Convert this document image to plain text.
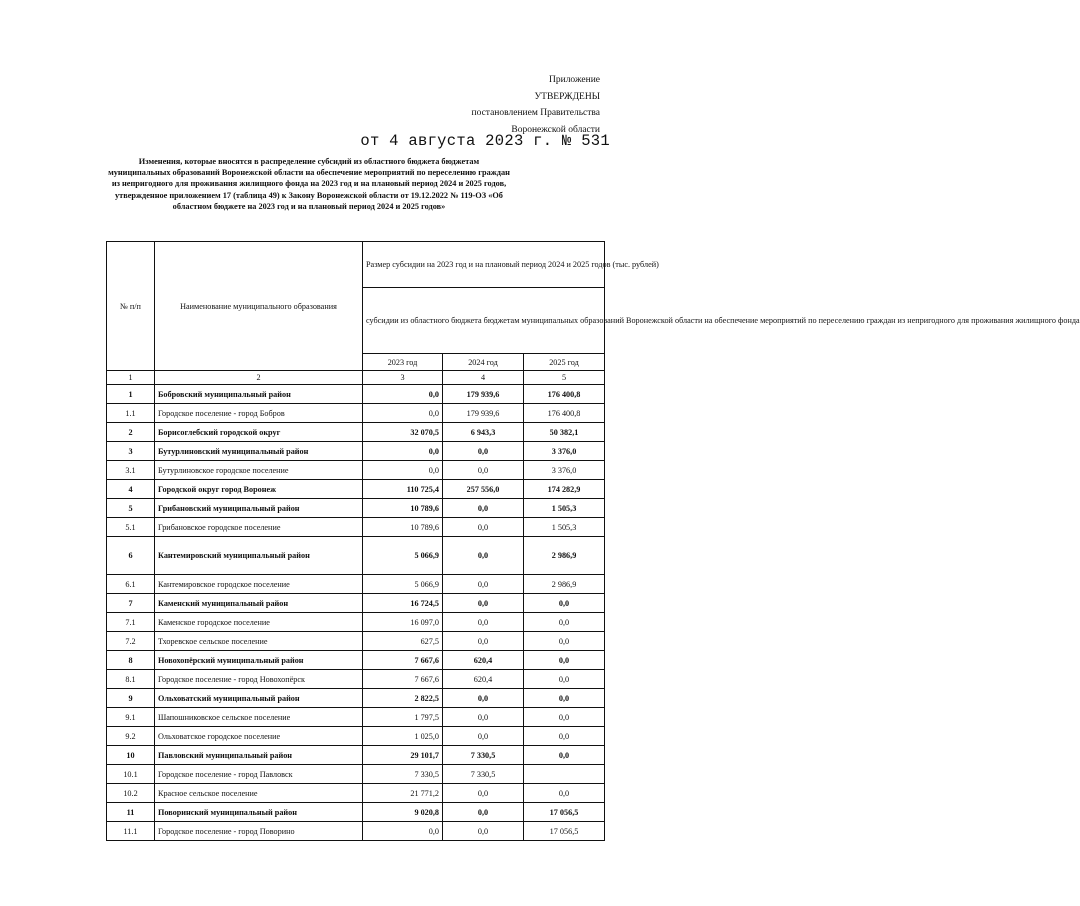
Приложение
УТВЕРЖДЕНЫ
постановлением Правительства
Воронежской области
от 4 августа 2023 г. № 531
Изменения, которые вносятся в распределение субсидий из областного бюджета бюджетам муниципальных образований Воронежской области на обеспечение мероприятий по переселению граждан из непригодного для проживания жилищного фонда на 2023 год и на плановый период 2024 и 2025 годов, утвержденное приложением 17 (таблица 49) к Закону Воронежской области от 19.12.2022 № 119-ОЗ «Об областном бюджете на 2023 год и на плановый период 2024 и 2025 годов»
№ п/п	Наименование муниципального образования	Размер субсидии на 2023 год и на плановый период 2024 и 2025 годов (тыс. рублей)		
		субсидии из областного бюджета бюджетам муниципальных образований Воронежской области на обеспечение мероприятий по переселению граждан из непригодного для проживания жилищного фонда		
		2023 год	2024 год	2025 год
1	2	3	4	5
1	Бобровский муниципальный район	0,0	179 939,6	176 400,8
1.1	Городское поселение - город Бобров	0,0	179 939,6	176 400,8
2	Борисоглебский городской округ	32 070,5	6 943,3	50 382,1
3	Бутурлиновский муниципальный район	0,0	0,0	3 376,0
3.1	Бутурлиновское городское поселение	0,0	0,0	3 376,0
4	Городской округ город Воронеж	110 725,4	257 556,0	174 282,9
5	Грибановский муниципальный район	10 789,6	0,0	1 505,3
5.1	Грибановское городское поселение	10 789,6	0,0	1 505,3
6	Кантемировский муниципальный район	5 066,9	0,0	2 986,9
6.1	Кантемировское городское поселение	5 066,9	0,0	2 986,9
7	Каменский муниципальный район	16 724,5	0,0	0,0
7.1	Каменское городское поселение	16 097,0	0,0	0,0
7.2	Тхоревское сельское поселение	627,5	0,0	0,0
8	Новохопёрский муниципальный район	7 667,6	620,4	0,0
8.1	Городское поселение - город Новохопёрск	7 667,6	620,4	0,0
9	Ольховатский муниципальный район	2 822,5	0,0	0,0
9.1	Шапошниковское сельское поселение	1 797,5	0,0	0,0
9.2	Ольховатское городское поселение	1 025,0	0,0	0,0
10	Павловский муниципальный район	29 101,7	7 330,5	0,0
10.1	Городское поселение - город Павловск	7 330,5	7 330,5	
10.2	Красное сельское поселение	21 771,2	0,0	0,0
11	Поворинский муниципальный район	9 020,8	0,0	17 056,5
11.1	Городское поселение - город Поворино	0,0	0,0	17 056,5
